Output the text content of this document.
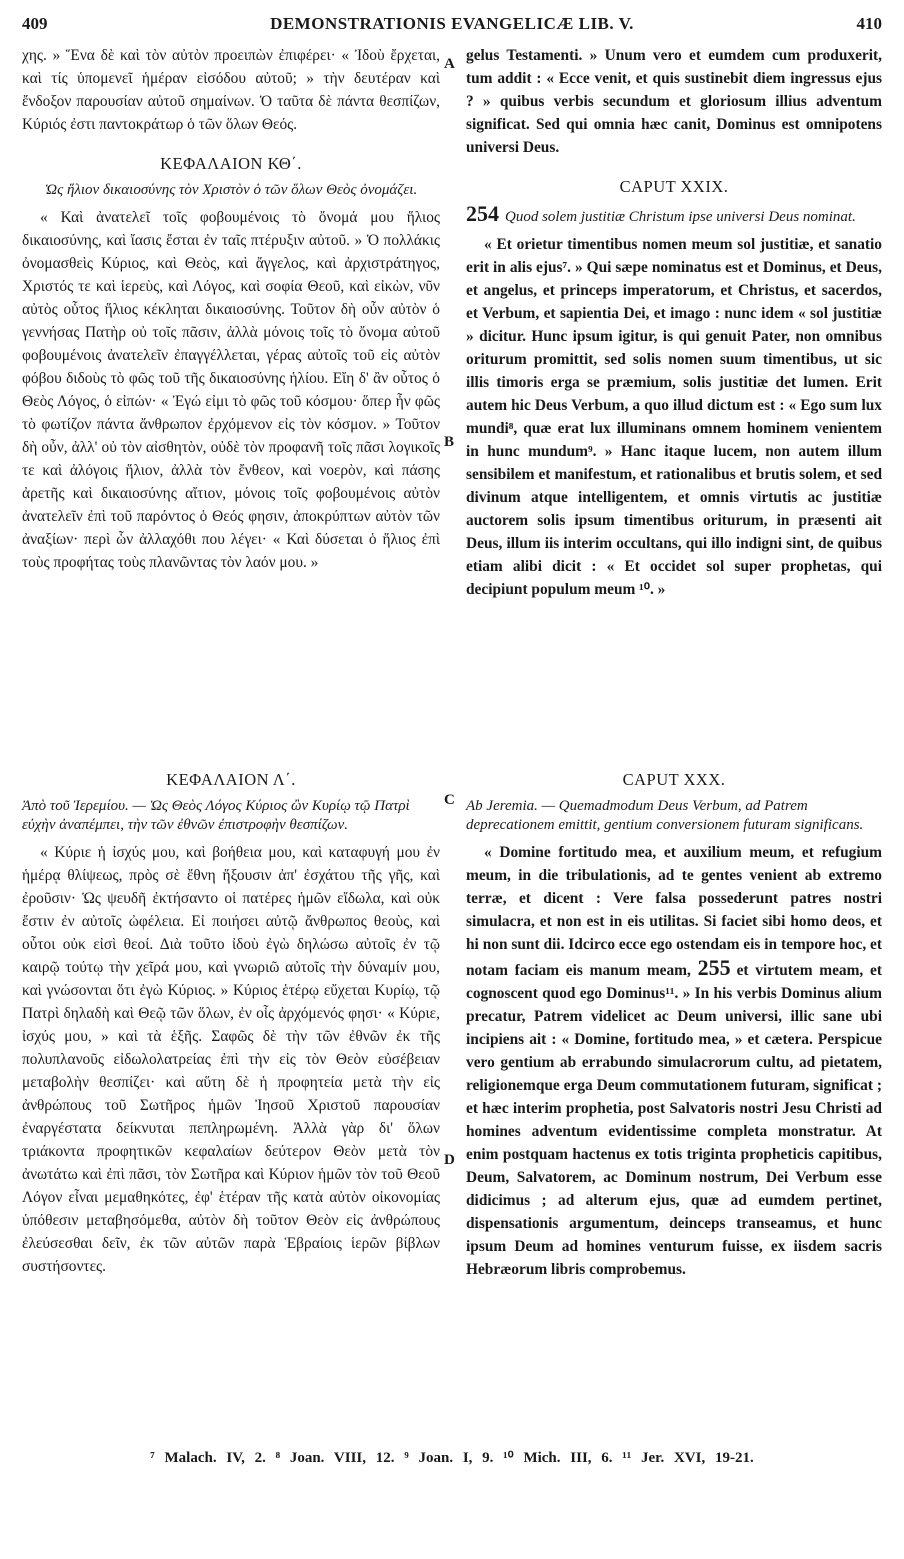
409	DEMONSTRATIONIS EVANGELICÆ LIB. V.	410

χης. » Ἕνα δὲ καὶ τὸν αὐτὸν προειπὼν ἐπιφέρει· « Ἰδοὺ ἔρχεται, καὶ τίς ὑπομενεῖ ἡμέραν εἰσόδου αὐτοῦ; » τὴν δευτέραν καὶ ἔνδοξον παρουσίαν αὐτοῦ σημαίνων. Ὁ ταῦτα δὲ πάντα θεσπίζων, Κύριός ἐστι παντοκράτωρ ὁ τῶν ὅλων Θεός.

ΚΕΦΑΛΑΙΟΝ ΚΘ΄.
Ὡς ἥλιον δικαιοσύνης τὸν Χριστὸν ὁ τῶν ὅλων Θεὸς ὀνομάζει.

« Καὶ ἀνατελεῖ τοῖς φοβουμένοις τὸ ὄνομά μου ἥλιος δικαιοσύνης, καὶ ἴασις ἔσται ἐν ταῖς πτέρυξιν αὐτοῦ. » Ὁ πολλάκις ὀνομασθεὶς Κύριος, καὶ Θεὸς, καὶ ἄγγελος, καὶ ἀρχιστράτηγος, Χριστός τε καὶ ἱερεὺς, καὶ Λόγος, καὶ σοφία Θεοῦ, καὶ εἰκὼν, νῦν αὐτὸς οὗτος ἥλιος κέκληται δικαιοσύνης. Τοῦτον δὴ οὖν αὐτὸν ὁ γεννήσας Πατὴρ οὐ τοῖς πᾶσιν, ἀλλὰ μόνοις τοῖς τὸ ὄνομα αὐτοῦ φοβουμένοις ἀνατελεῖν ἐπαγγέλλεται, γέρας αὐτοῖς τοῦ εἰς αὐτὸν φόβου διδοὺς τὸ φῶς τοῦ τῆς δικαιοσύνης ἡλίου. Εἴη δ' ἂν οὗτος ὁ Θεὸς Λόγος, ὁ εἰπών· « Ἐγώ εἰμι τὸ φῶς τοῦ κόσμου· ὅπερ ἦν φῶς τὸ φωτίζον πάντα ἄνθρωπον ἐρχόμενον εἰς τὸν κόσμον. » Τοῦτον δὴ οὖν, ἀλλ' οὐ τὸν αἰσθητὸν, οὐδὲ τὸν προφανῆ τοῖς πᾶσι λογικοῖς τε καὶ ἀλόγοις ἥλιον, ἀλλὰ τὸν ἔνθεον, καὶ νοερὸν, καὶ πάσης ἀρετῆς καὶ δικαιοσύνης αἴτιον, μόνοις τοῖς φοβουμένοις αὐτὸν ἀνατελεῖν ἐπὶ τοῦ παρόντος ὁ Θεός φησιν, ἀποκρύπτων αὐτὸν τῶν ἀναξίων· περὶ ὧν ἀλλαχόθι που λέγει· « Καὶ δύσεται ὁ ἥλιος ἐπὶ τοὺς προφήτας τοὺς πλανῶντας τὸν λαόν μου. »

gelus Testamenti. » Unum vero et eumdem cum produxerit, tum addit : « Ecce venit, et quis sustinebit diem ingressus ejus ? » quibus verbis secundum et gloriosum illius adventum significat. Sed qui omnia hæc canit, Dominus est omnipotens universi Deus.

CAPUT XXIX.
254 Quod solem justitiæ Christum ipse universi Deus nominat.

« Et orietur timentibus nomen meum sol justitiæ, et sanatio erit in alis ejus⁷. » Qui sæpe nominatus est et Dominus, et Deus, et angelus, et princeps imperatorum, et Christus, et sacerdos, et Verbum, et sapientia Dei, et imago : nunc idem « sol justitiæ » dicitur. Hunc ipsum igitur, is qui genuit Pater, non omnibus oriturum promittit, sed solis nomen suum timentibus, ut sic illis timoris erga se præmium, solis justitiæ det lumen. Erit autem hic Deus Verbum, a quo illud dictum est : « Ego sum lux mundi⁸, quæ erat lux illuminans omnem hominem venientem in hunc mundum⁹. » Hanc itaque lucem, non autem illum sensibilem et manifestum, et rationalibus et brutis solem, et sed divinum atque intelligentem, et omnis virtutis ac justitiæ auctorem solis ipsum timentibus oriturum, in præsenti ait Deus, illum iis interim occultans, qui illo indigni sint, de quibus etiam alibi dicit : « Et occidet sol super prophetas, qui decipiunt populum meum ¹⁰. »

ΚΕΦΑΛΑΙΟΝ Λ΄.
Ἀπὸ τοῦ Ἱερεμίου. — Ὡς Θεὸς Λόγος Κύριος ὢν Κυρίῳ τῷ Πατρὶ εὐχὴν ἀναπέμπει, τὴν τῶν ἐθνῶν ἐπιστροφὴν θεσπίζων.

« Κύριε ἡ ἰσχύς μου, καὶ βοήθεια μου, καὶ καταφυγή μου ἐν ἡμέρᾳ θλίψεως, πρὸς σὲ ἔθνη ἥξουσιν ἀπ' ἐσχάτου τῆς γῆς, καὶ ἐροῦσιν· Ὡς ψευδῆ ἐκτήσαντο οἱ πατέρες ἡμῶν εἴδωλα, καὶ οὐκ ἔστιν ἐν αὐτοῖς ὠφέλεια. Εἰ ποιήσει αὐτῷ ἄνθρωπος θεοὺς, καὶ οὗτοι οὐκ εἰσὶ θεοί. Διὰ τοῦτο ἰδοὺ ἐγὼ δηλώσω αὐτοῖς ἐν τῷ καιρῷ τούτῳ τὴν χεῖρά μου, καὶ γνωριῶ αὐτοῖς τὴν δύναμίν μου, καὶ γνώσονται ὅτι ἐγὼ Κύριος. » Κύριος ἑτέρῳ εὔχεται Κυρίῳ, τῷ Πατρὶ δηλαδὴ καὶ Θεῷ τῶν ὅλων, ἐν οἷς ἀρχόμενός φησι· « Κύριε, ἰσχύς μου, » καὶ τὰ ἑξῆς. Σαφῶς δὲ τὴν τῶν ἐθνῶν ἐκ τῆς πολυπλανοῦς εἰδωλολατρείας ἐπὶ τὴν εἰς τὸν Θεὸν εὐσέβειαν μεταβολὴν θεσπίζει· καὶ αὕτη δὲ ἡ προφητεία μετὰ τὴν εἰς ἀνθρώπους τοῦ Σωτῆρος ἡμῶν Ἰησοῦ Χριστοῦ παρουσίαν ἐναργέστατα δείκνυται πεπληρωμένη. Ἀλλὰ γὰρ δι' ὅλων τριάκοντα προφητικῶν κεφαλαίων δεύτερον Θεὸν μετὰ τὸν ἀνωτάτω καὶ ἐπὶ πᾶσι, τὸν Σωτῆρα καὶ Κύριον ἡμῶν τὸν τοῦ Θεοῦ Λόγον εἶναι μεμαθηκότες, ἐφ' ἑτέραν τῆς κατὰ αὐτὸν οἰκονομίας ὑπόθεσιν μεταβησόμεθα, αὐτὸν δὴ τοῦτον Θεὸν εἰς ἀνθρώπους ἐλεύσεσθαι δεῖν, ἐκ τῶν αὐτῶν παρὰ Ἑβραίοις ἱερῶν βίβλων συστήσοντες.

CAPUT XXX.
Ab Jeremia. — Quemadmodum Deus Verbum, ad Patrem deprecationem emittit, gentium conversionem futuram significans.

« Domine fortitudo mea, et auxilium meum, et refugium meum, in die tribulationis, ad te gentes venient ab extremo terræ, et dicent : Vere falsa possederunt patres nostri simulacra, et non est in eis utilitas. Si faciet sibi homo deos, et hi non sunt dii. Idcirco ecce ego ostendam eis in tempore hoc, et notam faciam eis manum meam, 255 et virtutem meam, et cognoscent quod ego Dominus¹¹. » In his verbis Dominus alium precatur, Patrem videlicet ac Deum universi, illic sane ubi incipiens ait : « Domine, fortitudo mea, » et cætera. Perspicue vero gentium ab errabundo simulacrorum cultu, ad pietatem, religionemque erga Deum commutationem futuram, significat ; et hæc interim prophetia, post Salvatoris nostri Jesu Christi ad homines adventum evidentissime completa monstratur. At enim postquam hactenus ex totis triginta propheticis capitibus, Deum, Salvatorem, ac Dominum nostrum, Dei Verbum esse didicimus ; ad alterum ejus, quæ ad eumdem pertinet, dispensationis argumentum, deinceps transeamus, et hunc ipsum Deum ad homines venturum fuisse, ex iisdem sacris Hebræorum libris comprobemus.

A
B
C
D
⁷ Malach. IV, 2. ⁸ Joan. VIII, 12. ⁹ Joan. I, 9. ¹⁰ Mich. III, 6. ¹¹ Jer. XVI, 19-21.
